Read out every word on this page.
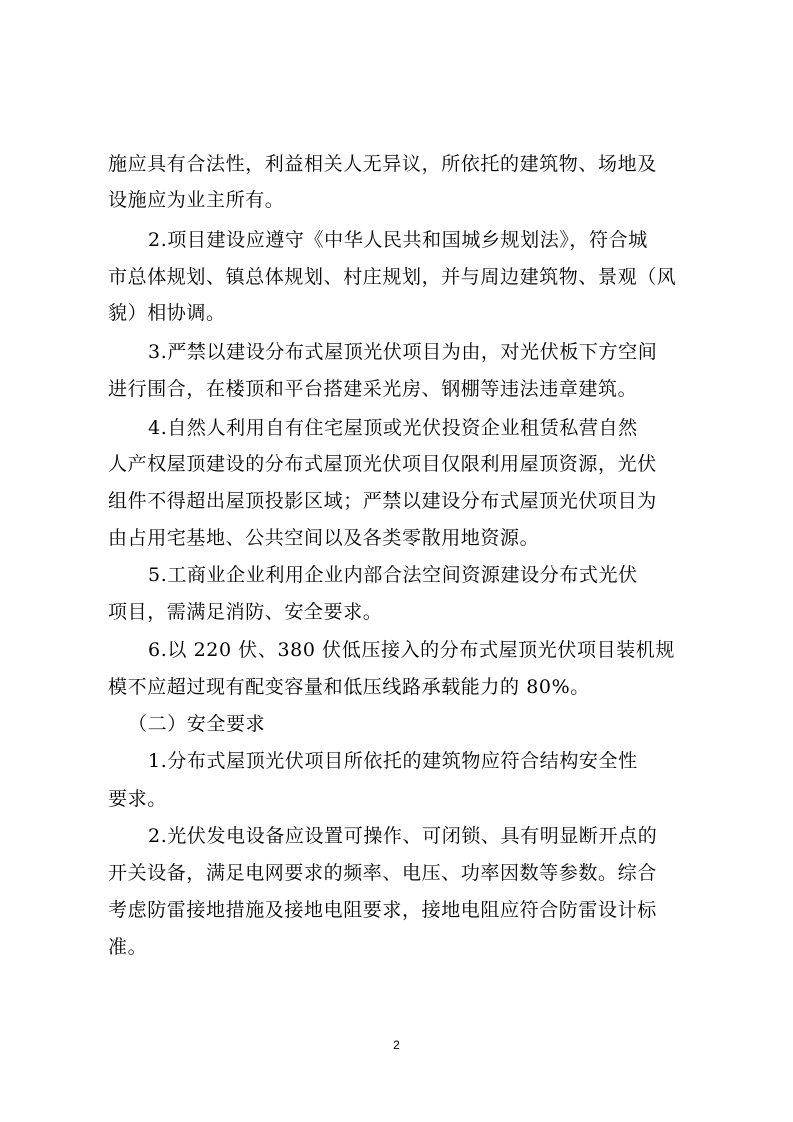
施应具有合法性，利益相关人无异议，所依托的建筑物、场地及
设施应为业主所有。
2.项目建设应遵守《中华人民共和国城乡规划法》，符合城
市总体规划、镇总体规划、村庄规划，并与周边建筑物、景观（风
貌）相协调。
3.严禁以建设分布式屋顶光伏项目为由，对光伏板下方空间
进行围合，在楼顶和平台搭建采光房、钢棚等违法违章建筑。
4.自然人利用自有住宅屋顶或光伏投资企业租赁私营自然
人产权屋顶建设的分布式屋顶光伏项目仅限利用屋顶资源，光伏
组件不得超出屋顶投影区域；严禁以建设分布式屋顶光伏项目为
由占用宅基地、公共空间以及各类零散用地资源。
5.工商业企业利用企业内部合法空间资源建设分布式光伏
项目，需满足消防、安全要求。
6.以 220 伏、380 伏低压接入的分布式屋顶光伏项目装机规
模不应超过现有配变容量和低压线路承载能力的 80%。
（二）安全要求
1.分布式屋顶光伏项目所依托的建筑物应符合结构安全性
要求。
2.光伏发电设备应设置可操作、可闭锁、具有明显断开点的
开关设备，满足电网要求的频率、电压、功率因数等参数。综合
考虑防雷接地措施及接地电阻要求，接地电阻应符合防雷设计标
准。
2
